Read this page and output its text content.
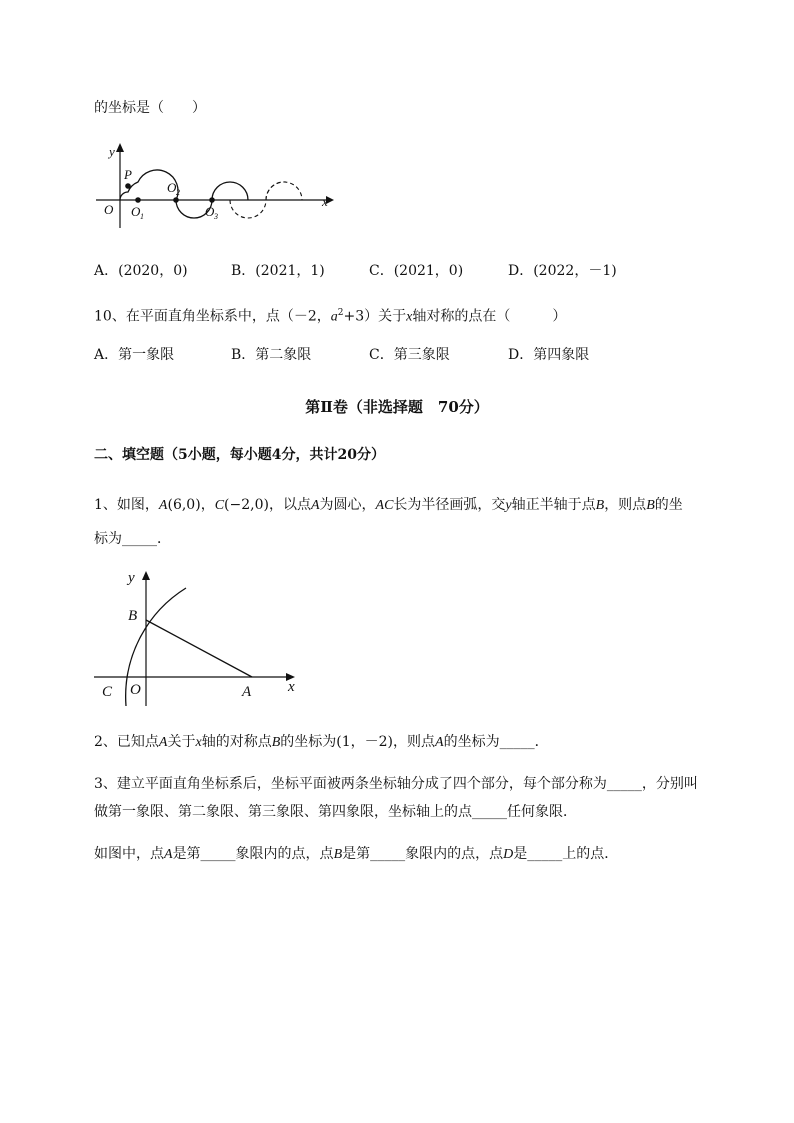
的坐标是（　　）
y
x
O
P
O 1
O 2
O 3
A．(2020，0)	B．(2021，1)	C．(2021，0)	D．(2022，－1)
10、在平面直角坐标系中，点（－2，$a^2+3$）关于x轴对称的点在（　　　）
A．第一象限	B．第二象限	C．第三象限	D．第四象限
第Ⅱ卷（非选择题　70分）
二、填空题（5小题，每小题4分，共计20分）
1、如图，A(6,0)，C(−2,0)，以点A为圆心，AC长为半径画弧，交y轴正半轴于点B，则点B的坐
标为_____．
y
x
B
C O	A
2、已知点A关于x轴的对称点B的坐标为(1，－2)，则点A的坐标为_____．
3、建立平面直角坐标系后，坐标平面被两条坐标轴分成了四个部分，每个部分称为_____，分别叫
做第一象限、第二象限、第三象限、第四象限，坐标轴上的点_____任何象限．
如图中，点A是第_____象限内的点，点B是第_____象限内的点，点D是_____上的点．
